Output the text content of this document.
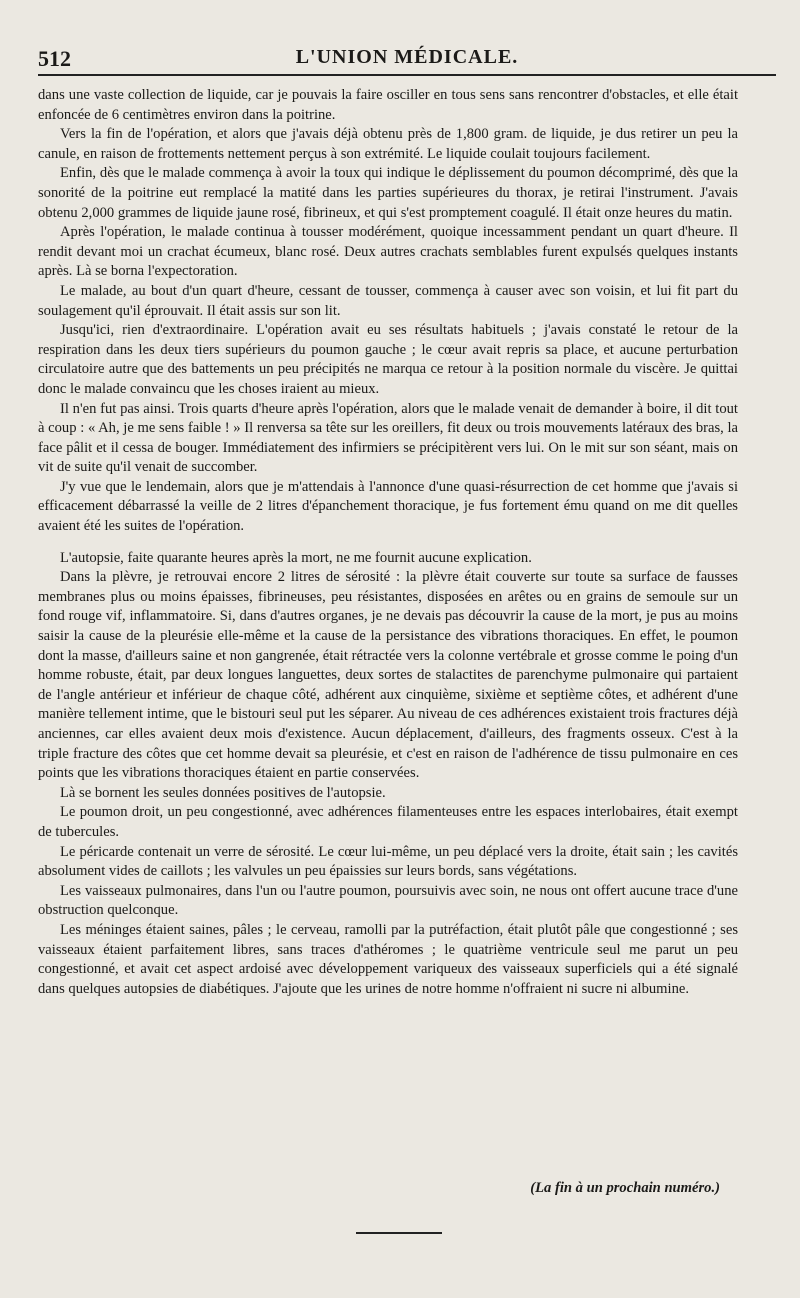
512	L'UNION MÉDICALE.

dans une vaste collection de liquide, car je pouvais la faire osciller en tous sens sans rencontrer d'obstacles, et elle était enfoncée de 6 centimètres environ dans la poitrine.

Vers la fin de l'opération, et alors que j'avais déjà obtenu près de 1,800 gram. de liquide, je dus retirer un peu la canule, en raison de frottements nettement perçus à son extrémité. Le liquide coulait toujours facilement.

Enfin, dès que le malade commença à avoir la toux qui indique le déplissement du poumon décomprimé, dès que la sonorité de la poitrine eut remplacé la matité dans les parties supérieures du thorax, je retirai l'instrument. J'avais obtenu 2,000 grammes de liquide jaune rosé, fibrineux, et qui s'est promptement coagulé. Il était onze heures du matin.

Après l'opération, le malade continua à tousser modérément, quoique incessamment pendant un quart d'heure. Il rendit devant moi un crachat écumeux, blanc rosé. Deux autres crachats semblables furent expulsés quelques instants après. Là se borna l'expectoration.

Le malade, au bout d'un quart d'heure, cessant de tousser, commença à causer avec son voisin, et lui fit part du soulagement qu'il éprouvait. Il était assis sur son lit.

Jusqu'ici, rien d'extraordinaire. L'opération avait eu ses résultats habituels ; j'avais constaté le retour de la respiration dans les deux tiers supérieurs du poumon gauche ; le cœur avait repris sa place, et aucune perturbation circulatoire autre que des battements un peu précipités ne marqua ce retour à la position normale du viscère. Je quittai donc le malade convaincu que les choses iraient au mieux.

Il n'en fut pas ainsi. Trois quarts d'heure après l'opération, alors que le malade venait de demander à boire, il dit tout à coup : « Ah, je me sens faible ! » Il renversa sa tête sur les oreillers, fit deux ou trois mouvements latéraux des bras, la face pâlit et il cessa de bouger. Immédiatement des infirmiers se précipitèrent vers lui. On le mit sur son séant, mais on vit de suite qu'il venait de succomber.

J'y vue que le lendemain, alors que je m'attendais à l'annonce d'une quasi-résurrection de cet homme que j'avais si efficacement débarrassé la veille de 2 litres d'épanchement thoracique, je fus fortement ému quand on me dit quelles avaient été les suites de l'opération.

L'autopsie, faite quarante heures après la mort, ne me fournit aucune explication.

Dans la plèvre, je retrouvai encore 2 litres de sérosité : la plèvre était couverte sur toute sa surface de fausses membranes plus ou moins épaisses, fibrineuses, peu résistantes, disposées en arêtes ou en grains de semoule sur un fond rouge vif, inflammatoire. Si, dans d'autres organes, je ne devais pas découvrir la cause de la mort, je pus au moins saisir la cause de la pleurésie elle-même et la cause de la persistance des vibrations thoraciques. En effet, le poumon dont la masse, d'ailleurs saine et non gangrenée, était rétractée vers la colonne vertébrale et grosse comme le poing d'un homme robuste, était, par deux longues languettes, deux sortes de stalactites de parenchyme pulmonaire qui partaient de l'angle antérieur et inférieur de chaque côté, adhérent aux cinquième, sixième et septième côtes, et adhérent d'une manière tellement intime, que le bistouri seul put les séparer. Au niveau de ces adhérences existaient trois fractures déjà anciennes, car elles avaient deux mois d'existence. Aucun déplacement, d'ailleurs, des fragments osseux. C'est à la triple fracture des côtes que cet homme devait sa pleurésie, et c'est en raison de l'adhérence de tissu pulmonaire en ces points que les vibrations thoraciques étaient en partie conservées.

Là se bornent les seules données positives de l'autopsie.

Le poumon droit, un peu congestionné, avec adhérences filamenteuses entre les espaces interlobaires, était exempt de tubercules.

Le péricarde contenait un verre de sérosité. Le cœur lui-même, un peu déplacé vers la droite, était sain ; les cavités absolument vides de caillots ; les valvules un peu épaissies sur leurs bords, sans végétations.

Les vaisseaux pulmonaires, dans l'un ou l'autre poumon, poursuivis avec soin, ne nous ont offert aucune trace d'une obstruction quelconque.

Les méninges étaient saines, pâles ; le cerveau, ramolli par la putréfaction, était plutôt pâle que congestionné ; ses vaisseaux étaient parfaitement libres, sans traces d'athéromes ; le quatrième ventricule seul me parut un peu congestionné, et avait cet aspect ardoisé avec développement variqueux des vaisseaux superficiels qui a été signalé dans quelques autopsies de diabétiques. J'ajoute que les urines de notre homme n'offraient ni sucre ni albumine.

(La fin à un prochain numéro.)
